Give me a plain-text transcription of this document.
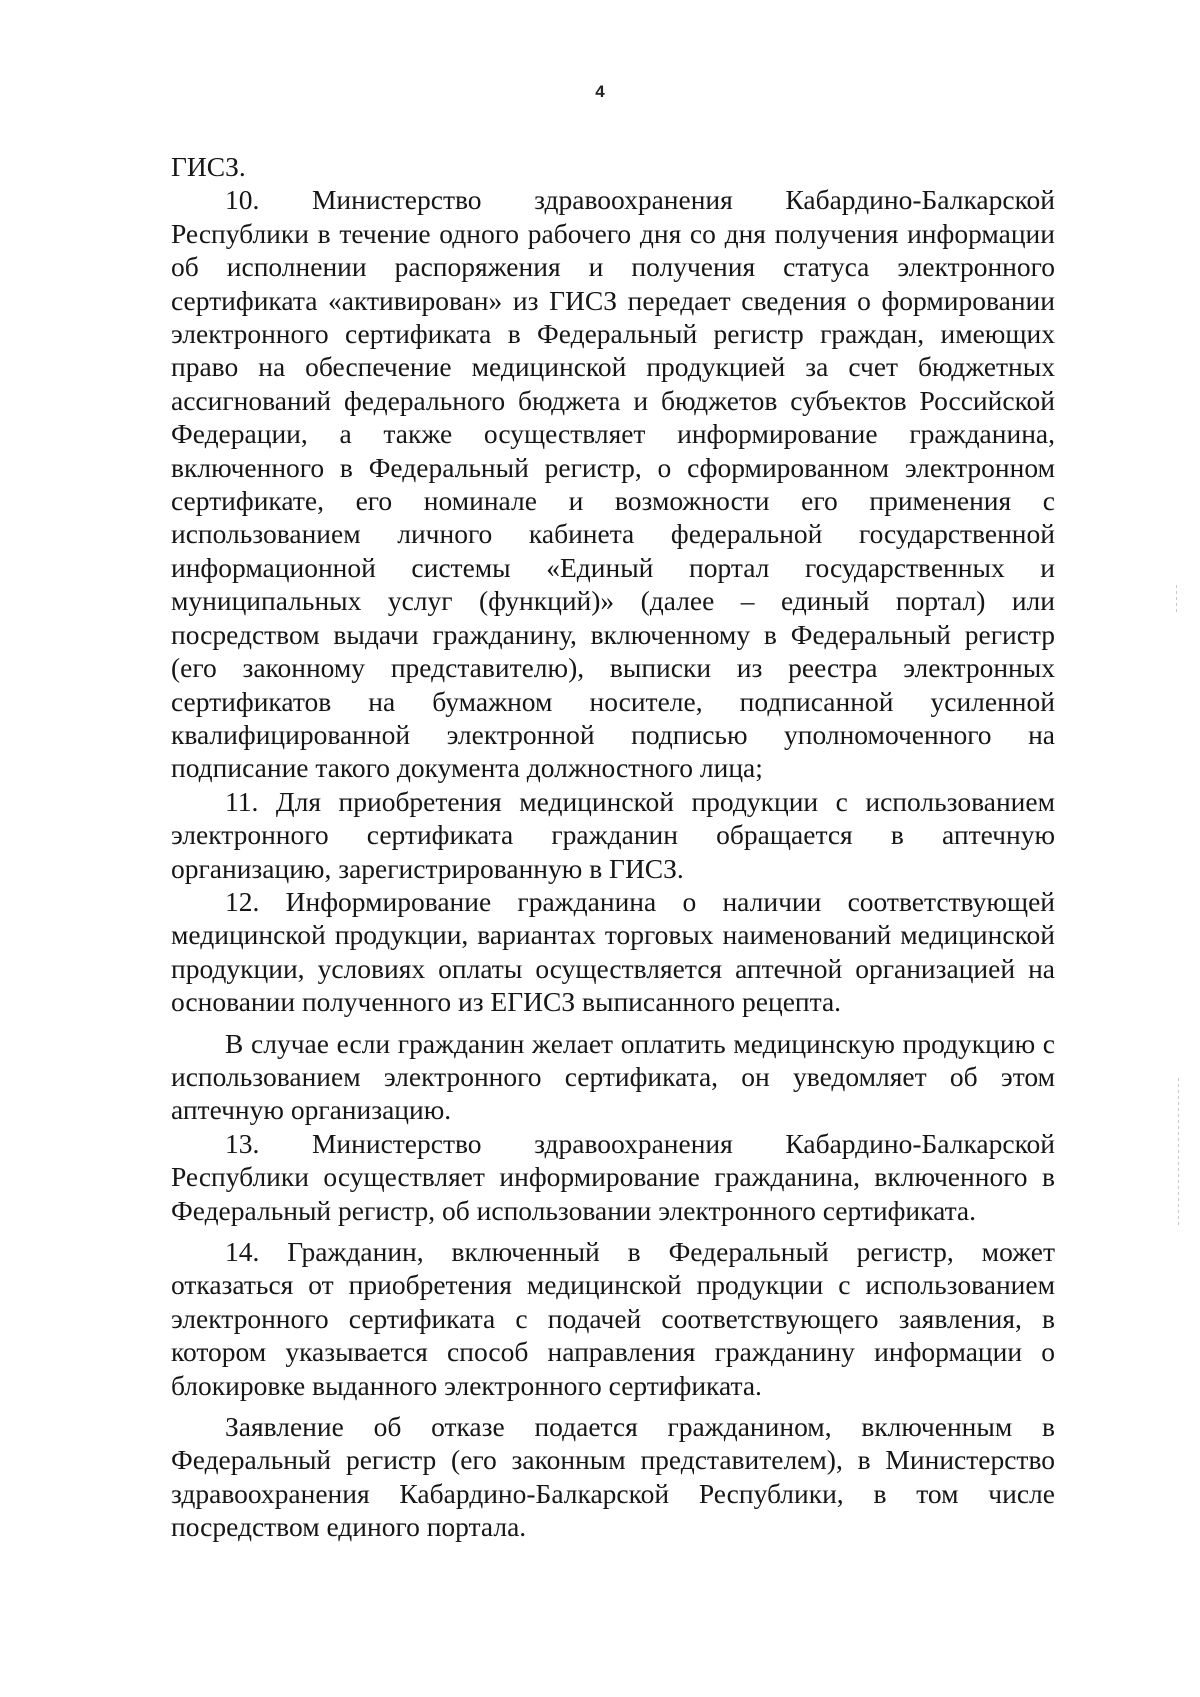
4

ГИСЗ.

10. Министерство здравоохранения Кабардино-Балкарской Республики в течение одного рабочего дня со дня получения информации об исполнении распоряжения и получения статуса электронного сертификата «активирован» из ГИСЗ передает сведения о формировании электронного сертификата в Федеральный регистр граждан, имеющих право на обеспечение медицинской продукцией за счет бюджетных ассигнований федерального бюджета и бюджетов субъектов Российской Федерации, а также осуществляет информирование гражданина, включенного в Федеральный регистр, о сформированном электронном сертификате, его номинале и возможности его применения с использованием личного кабинета федеральной государственной информационной системы «Единый портал государственных и муниципальных услуг (функций)» (далее – единый портал) или посредством выдачи гражданину, включенному в Федеральный регистр (его законному представителю), выписки из реестра электронных сертификатов на бумажном носителе, подписанной усиленной квалифицированной электронной подписью уполномоченного на подписание такого документа должностного лица;

11. Для приобретения медицинской продукции с использованием электронного сертификата гражданин обращается в аптечную организацию, зарегистрированную в ГИСЗ.

12. Информирование гражданина о наличии соответствующей медицинской продукции, вариантах торговых наименований медицинской продукции, условиях оплаты осуществляется аптечной организацией на основании полученного из ЕГИСЗ выписанного рецепта.

В случае если гражданин желает оплатить медицинскую продукцию с использованием электронного сертификата, он уведомляет об этом аптечную организацию.

13. Министерство здравоохранения Кабардино-Балкарской Республики осуществляет информирование гражданина, включенного в Федеральный регистр, об использовании электронного сертификата.

14. Гражданин, включенный в Федеральный регистр, может отказаться от приобретения медицинской продукции с использованием электронного сертификата с подачей соответствующего заявления, в котором указывается способ направления гражданину информации о блокировке выданного электронного сертификата.

Заявление об отказе подается гражданином, включенным в Федеральный регистр (его законным представителем), в Министерство здравоохранения Кабардино-Балкарской Республики, в том числе посредством единого портала.
